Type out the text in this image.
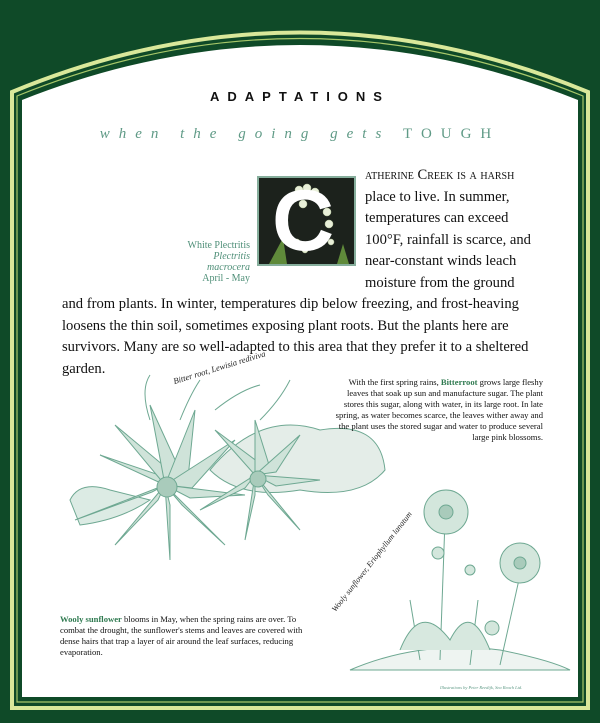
ADAPTATIONS
when the going gets TOUGH
C
White Plectritis
Plectritis macrocera
April - May

atherine Creek is a harsh place to live. In summer, temperatures can exceed 100°F, rainfall is scarce, and near-constant winds leach moisture from the ground and from plants. In winter, temperatures dip below freezing, and frost-heaving loosens the thin soil, sometimes exposing plant roots. But the plants here are survivors. Many are so well-adapted to this area that they prefer it to a sheltered garden.	Bitter root, Lewisia rediviva	With the first spring rains, Bitterroot grows large fleshy leaves that soak up sun and manufacture sugar. The plant stores this sugar, along with water, in its large root. In late spring, as water becomes scarce, the leaves wither away and the plant uses the stored sugar and water to produce several large pink blossoms.

Wooly sunflower, Eriophyllum lanatum

Wooly sunflower blooms in May, when the spring rains are over. To combat the drought, the sunflower's stems and leaves are covered with dense hairs that trap a layer of air around the leaf surfaces, reducing evaporation.

Illustrations by Peter Reedijk, Sea Reach Ltd.
